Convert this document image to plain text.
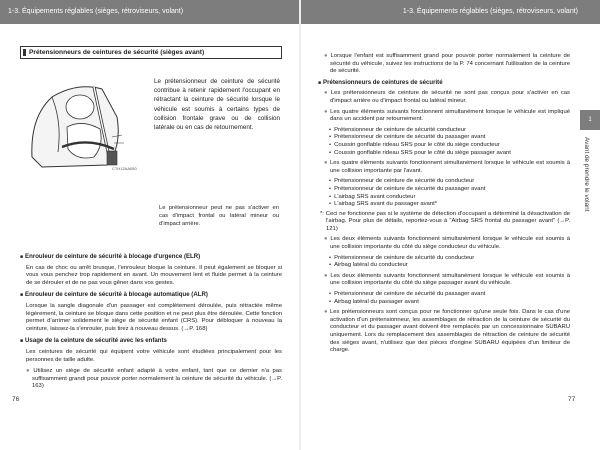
1-3. Équipements réglables (sièges, rétroviseurs, volant)	1-3. Équipements réglables (sièges, rétroviseurs, volant)
Prétensionneurs de ceintures de sécurité (sièges avant)
CTH12AA050
Le prétensionneur de ceinture de sécurité contribue à retenir rapidement l'occupant en rétractant la ceinture de sécurité lorsque le véhicule est soumis à certains types de collision frontale grave ou de collision latérale ou en cas de retournement.
Le prétensionneur peut ne pas s'activer en cas d'impact frontal ou latéral mineur ou d'impact arrière.

■ Enrouleur de ceinture de sécurité à blocage d'urgence (ELR)

En cas de choc ou arrêt brusque, l'enrouleur bloque la ceinture. Il peut également se bloquer si vous vous penchez trop rapidement en avant. Un mouvement lent et fluide permet à la ceinture de se dérouler et de ne pas vous gêner dans vos gestes.

■ Enrouleur de ceinture de sécurité à blocage automatique (ALR)

Lorsque la sangle diagonale d'un passager est complètement déroulée, puis rétractée même légèrement, la ceinture se bloque dans cette position et ne peut plus être déroulée. Cette fonction permet d'arrimer solidement le siège de sécurité enfant (CRS). Pour débloquer à nouveau la ceinture, laissez-la s'enrouler, puis tirez à nouveau dessus. (→P. 168)

■ Usage de la ceinture de sécurité avec les enfants

Les ceintures de sécurité qui équipent votre véhicule sont étudiées principalement pour les personnes de taille adulte.

● Utilisez un siège de sécurité enfant adapté à votre enfant, tant que ce dernier n'a pas suffisamment grandi pour pouvoir porter normalement la ceinture de sécurité du véhicule. (→P. 163)

76

● Lorsque l'enfant est suffisamment grand pour pouvoir porter normalement la ceinture de sécurité du véhicule, suivez les instructions de la P. 74 concernant l'utilisation de la ceinture de sécurité.

■ Prétensionneurs de ceintures de sécurité

● Les prétensionneurs de ceinture de sécurité ne sont pas conçus pour s'activer en cas d'impact arrière ou d'impact frontal ou latéral mineur.

● Les quatre éléments suivants fonctionnent simultanément lorsque le véhicule est impliqué dans un accident par retournement.

• Prétensionneur de ceinture de sécurité conducteur

• Prétensionneur de ceinture de sécurité du passager avant

• Coussin gonflable rideau SRS pour le côté du siège conducteur

• Coussin gonflable rideau SRS pour le côté du siège passager avant

● Les quatre éléments suivants fonctionnent simultanément lorsque le véhicule est soumis à une collision importante par l'avant.

• Prétensionneur de ceinture de sécurité du conducteur

• Prétensionneur de ceinture de sécurité du passager avant

• L'airbag SRS avant conducteur

• L'airbag SRS avant du passager avant*

*: Ceci ne fonctionne pas si le système de détection d'occupant a déterminé la désactivation de l'airbag. Pour plus de détails, reportez-vous à "Airbag SRS frontal du passager avant" (→P. 121)

● Les deux éléments suivants fonctionnent simultanément lorsque le véhicule est soumis à une collision importante du côté du siège conducteur du véhicule.

• Prétensionneur de ceinture de sécurité du conducteur

• Airbag latéral du conducteur

● Les deux éléments suivants fonctionnent simultanément lorsque le véhicule est soumis à une collision importante du côté du siège passager avant du véhicule.

• Prétensionneur de ceinture de sécurité du passager avant

• Airbag latéral du passager avant

● Les prétensionneurs sont conçus pour ne fonctionner qu'une seule fois. Dans le cas d'une activation d'un prétensionneur, les assemblages de rétraction de la ceinture de sécurité du conducteur et du passager avant doivent être remplacés par un concessionnaire SUBARU uniquement. Lors du remplacement des assemblages de rétraction de ceinture de sécurité des sièges avant, n'utilisez que des pièces d'origine SUBARU équipées d'un limiteur de charge.

77
1
Avant de prendre le volant
